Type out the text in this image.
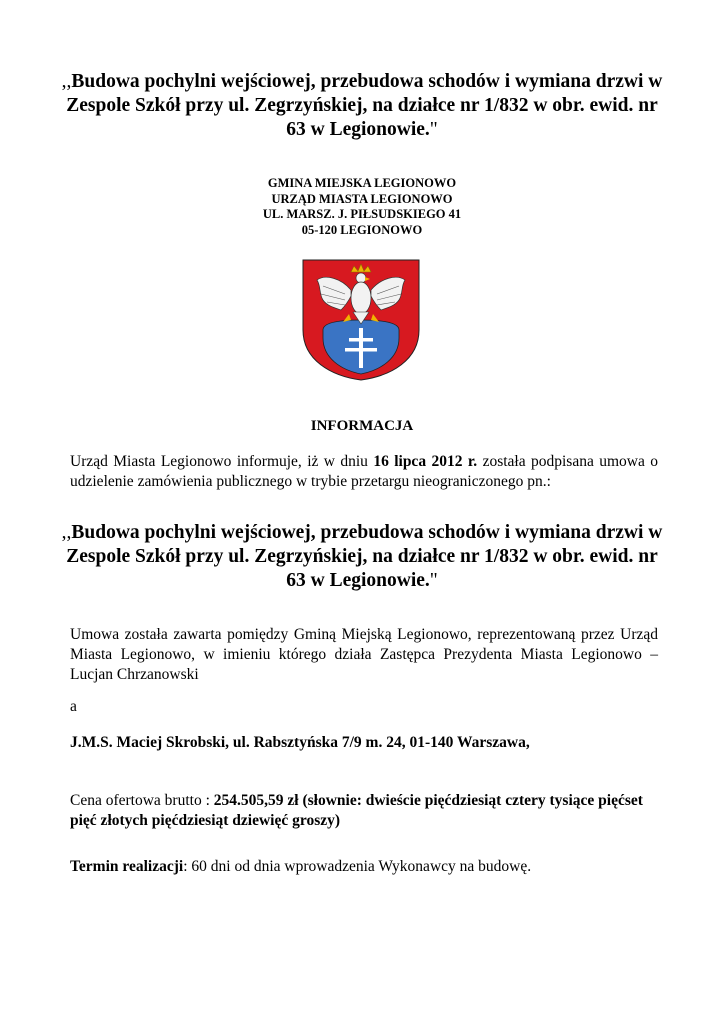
,,Budowa pochylni wejściowej, przebudowa schodów i wymiana drzwi w Zespole Szkół przy ul. Zegrzyńskiej, na działce nr 1/832 w obr. ewid. nr 63 w Legionowie."
GMINA MIEJSKA LEGIONOWO
URZĄD MIASTA LEGIONOWO
UL. MARSZ. J. PIŁSUDSKIEGO 41
05-120 LEGIONOWO
INFORMACJA
Urząd Miasta Legionowo informuje, iż w dniu 16 lipca 2012 r. została podpisana umowa o udzielenie zamówienia publicznego w trybie przetargu nieograniczonego pn.:
,,Budowa pochylni wejściowej, przebudowa schodów i wymiana drzwi w Zespole Szkół przy ul. Zegrzyńskiej, na działce nr 1/832 w obr. ewid. nr 63 w Legionowie."
Umowa została zawarta pomiędzy Gminą Miejską Legionowo, reprezentowaną przez Urząd Miasta Legionowo, w imieniu którego działa Zastępca Prezydenta Miasta Legionowo – Lucjan Chrzanowski
a
J.M.S. Maciej Skrobski, ul. Rabsztyńska 7/9 m. 24, 01-140 Warszawa,
Cena ofertowa brutto : 254.505,59 zł (słownie: dwieście pięćdziesiąt cztery tysiące pięćset pięć złotych pięćdziesiąt dziewięć groszy)
Termin realizacji: 60 dni od dnia wprowadzenia Wykonawcy na budowę.
